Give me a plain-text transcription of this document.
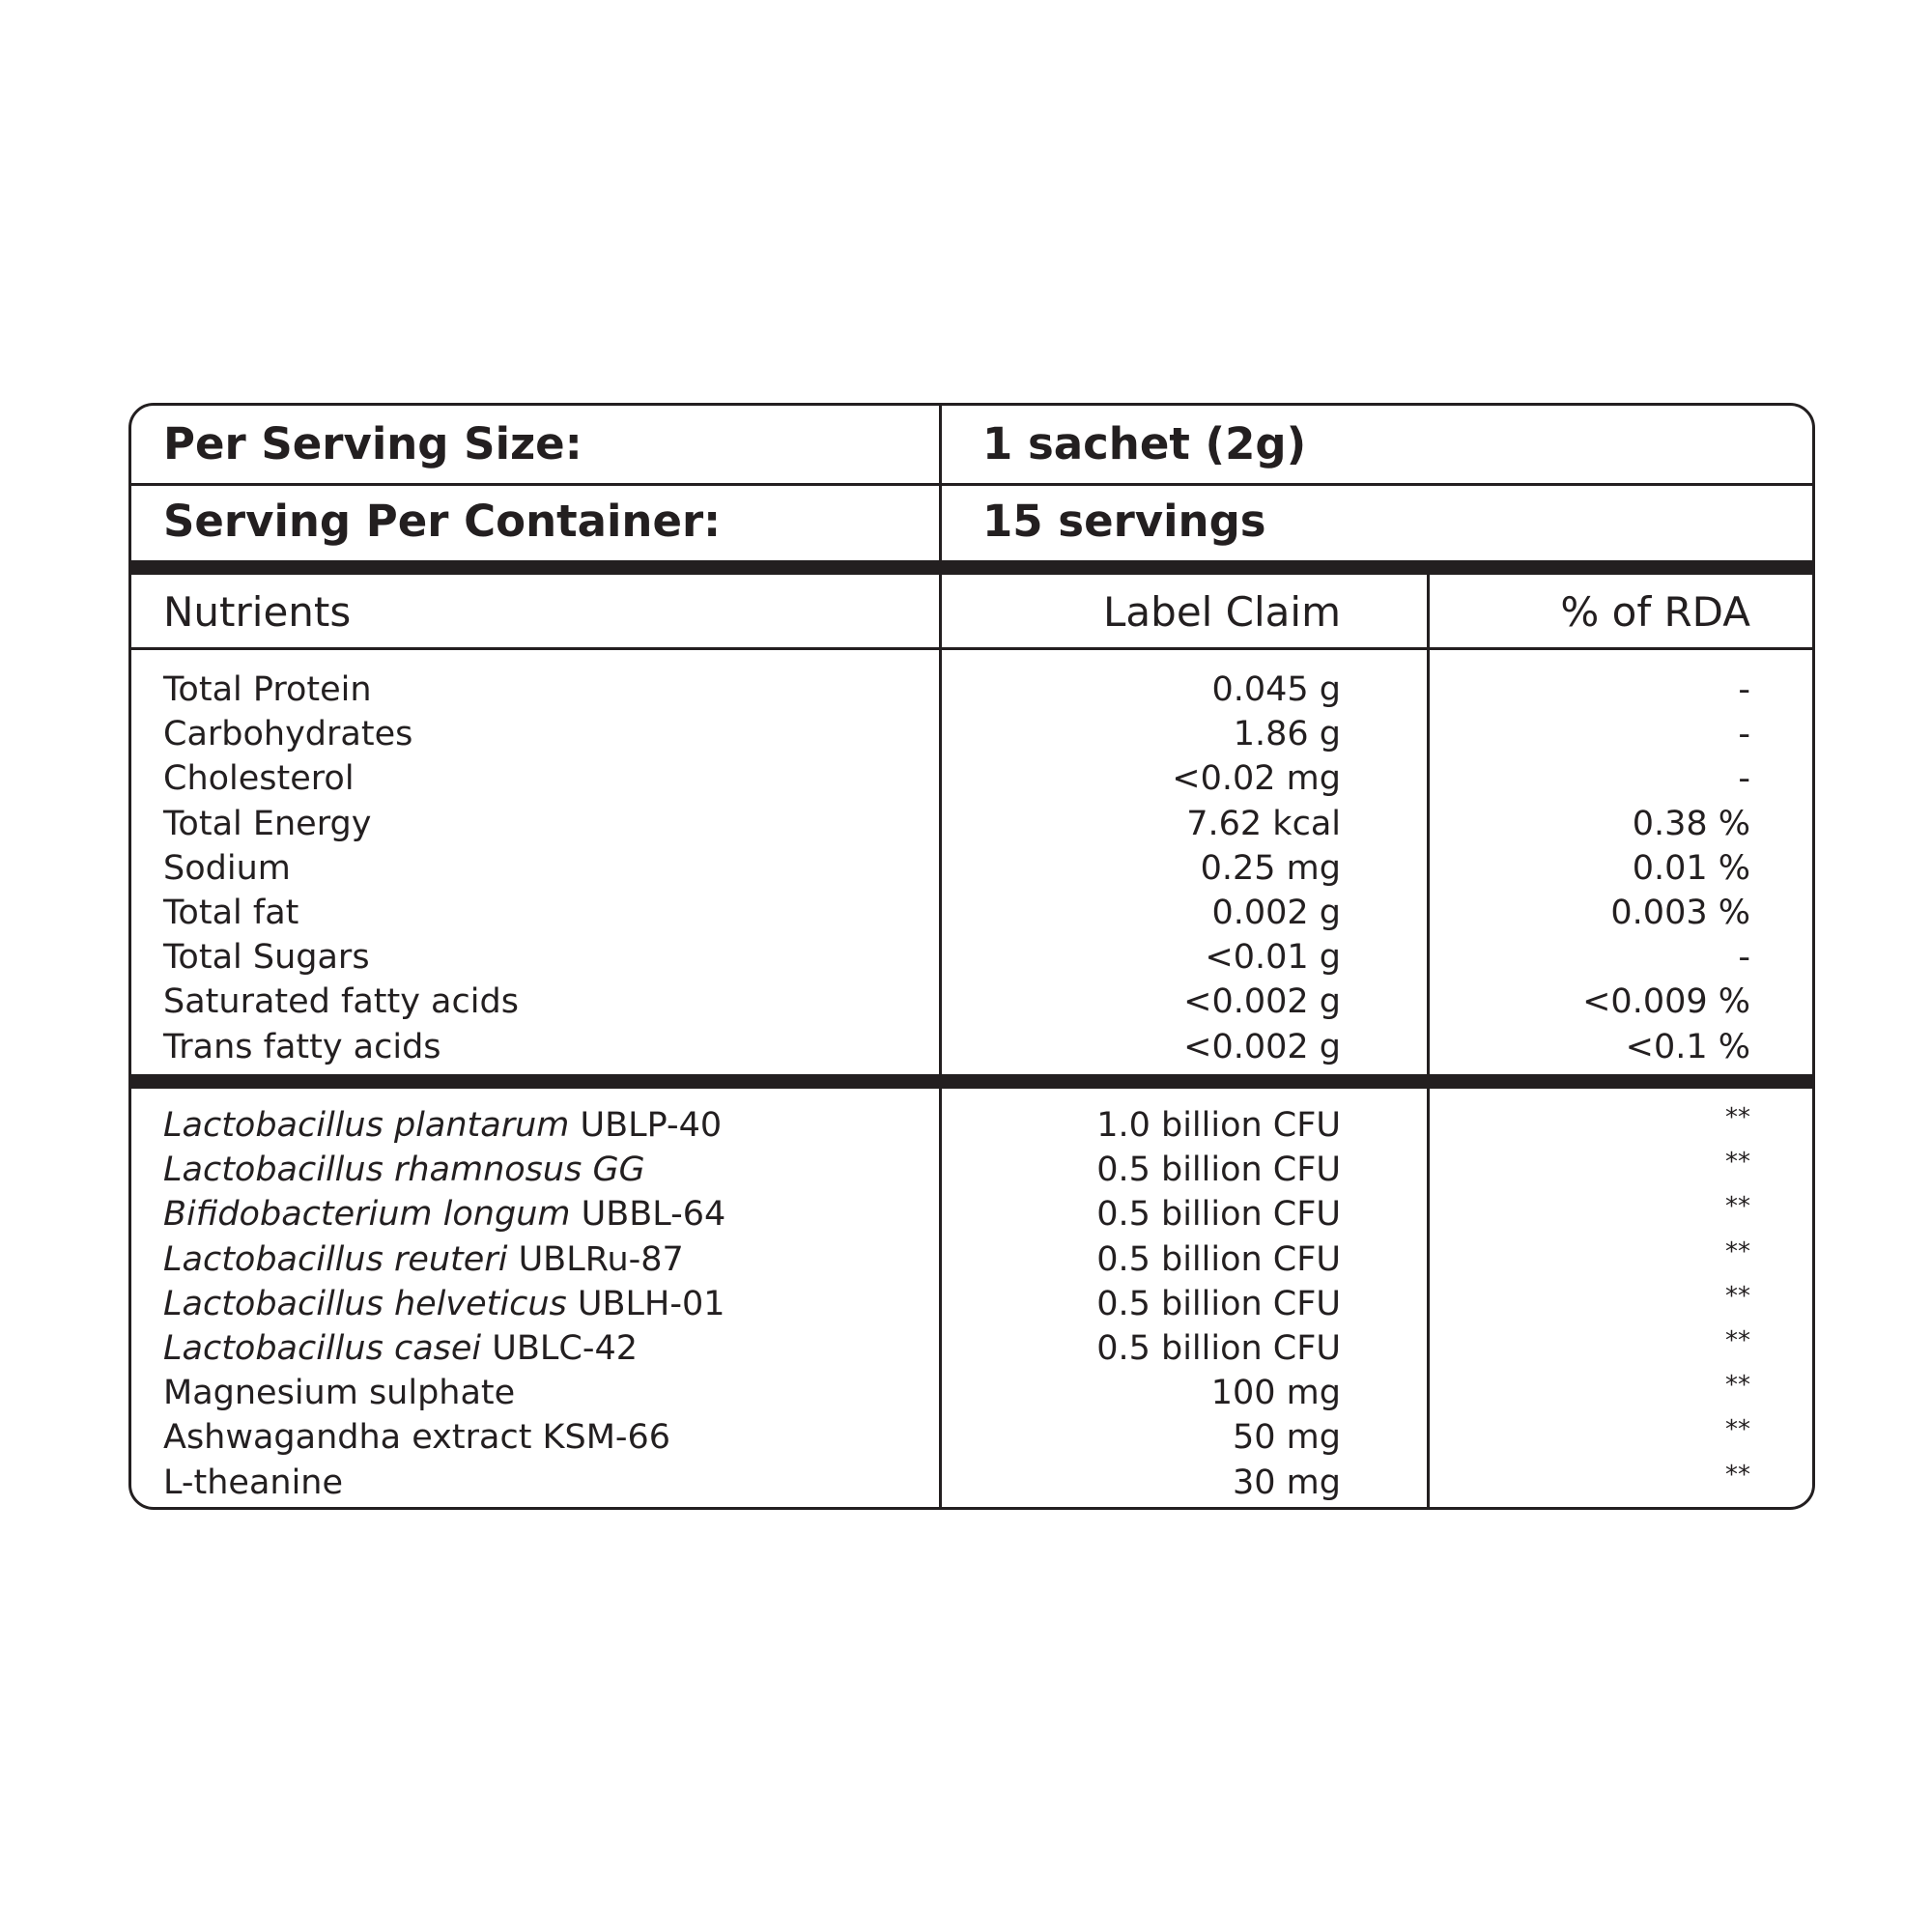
Per Serving Size:	1 sachet (2g)
Serving Per Container:	15 servings
Nutrients	Label Claim	% of RDA
Total Protein	0.045 g	-
Carbohydrates	1.86 g	-
Cholesterol	<0.02 mg	-
Total Energy	7.62 kcal	0.38 %
Sodium	0.25 mg	0.01 %
Total fat	0.002 g	0.003 %
Total Sugars	<0.01 g	-
Saturated fatty acids	<0.002 g	<0.009 %
Trans fatty acids	<0.002 g	<0.1 %
Lactobacillus plantarum UBLP-40	1.0 billion CFU	**
Lactobacillus rhamnosus GG	0.5 billion CFU	**
Bifidobacterium longum UBBL-64	0.5 billion CFU	**
Lactobacillus reuteri UBLRu-87	0.5 billion CFU	**
Lactobacillus helveticus UBLH-01	0.5 billion CFU	**
Lactobacillus casei UBLC-42	0.5 billion CFU	**
Magnesium sulphate	100 mg	**
Ashwagandha extract KSM-66	50 mg	**
L-theanine	30 mg	**
